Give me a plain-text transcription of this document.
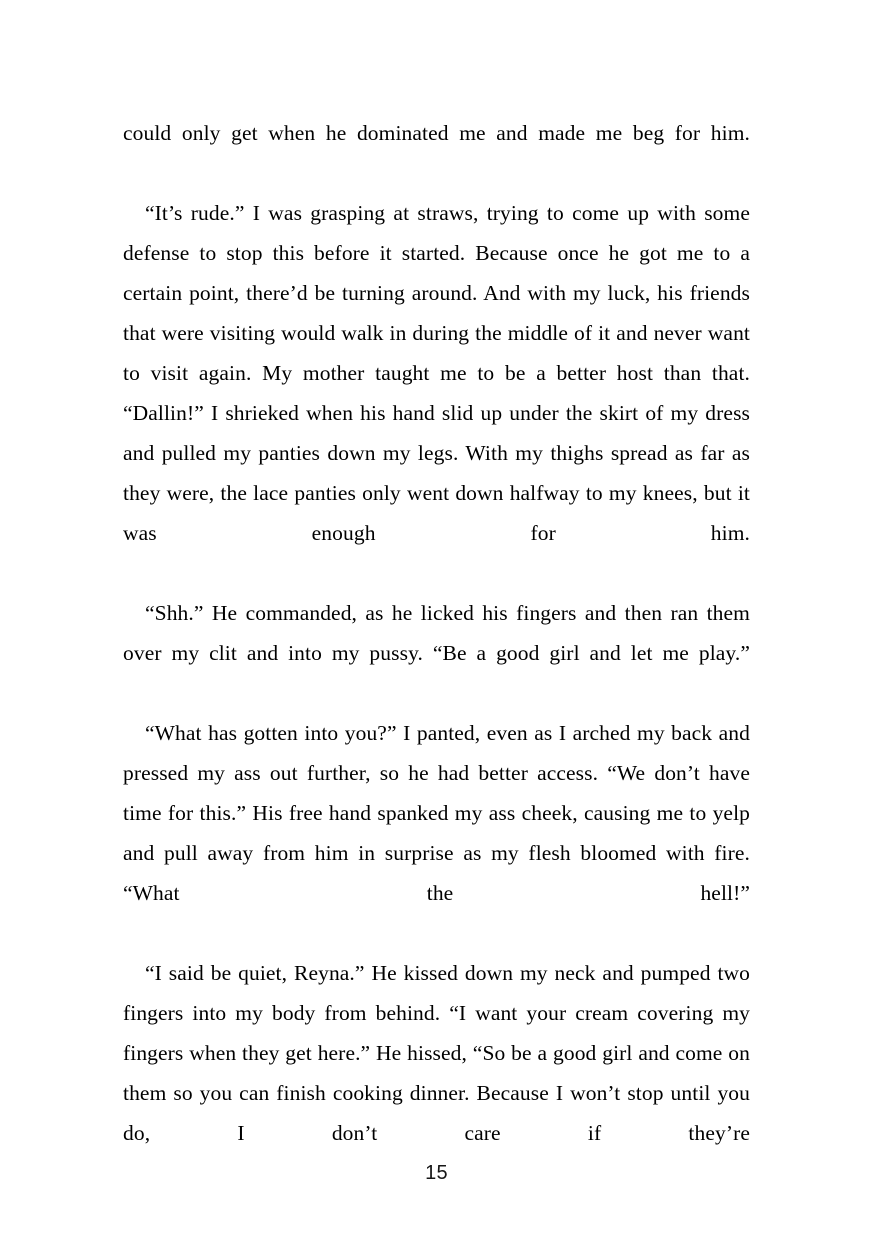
could only get when he dominated me and made me beg for him.

“It’s rude.” I was grasping at straws, trying to come up with some defense to stop this before it started. Because once he got me to a certain point, there’d be turning around. And with my luck, his friends that were visiting would walk in during the middle of it and never want to visit again. My mother taught me to be a better host than that. “Dallin!” I shrieked when his hand slid up under the skirt of my dress and pulled my panties down my legs. With my thighs spread as far as they were, the lace panties only went down halfway to my knees, but it was enough for him.

“Shh.” He commanded, as he licked his fingers and then ran them over my clit and into my pussy. “Be a good girl and let me play.”

“What has gotten into you?” I panted, even as I arched my back and pressed my ass out further, so he had better access. “We don’t have time for this.” His free hand spanked my ass cheek, causing me to yelp and pull away from him in surprise as my flesh bloomed with fire. “What the hell!”

“I said be quiet, Reyna.” He kissed down my neck and pumped two fingers into my body from behind. “I want your cream covering my fingers when they get here.” He hissed, “So be a good girl and come on them so you can finish cooking dinner. Because I won’t stop until you do, I don’t care if they’re

15
